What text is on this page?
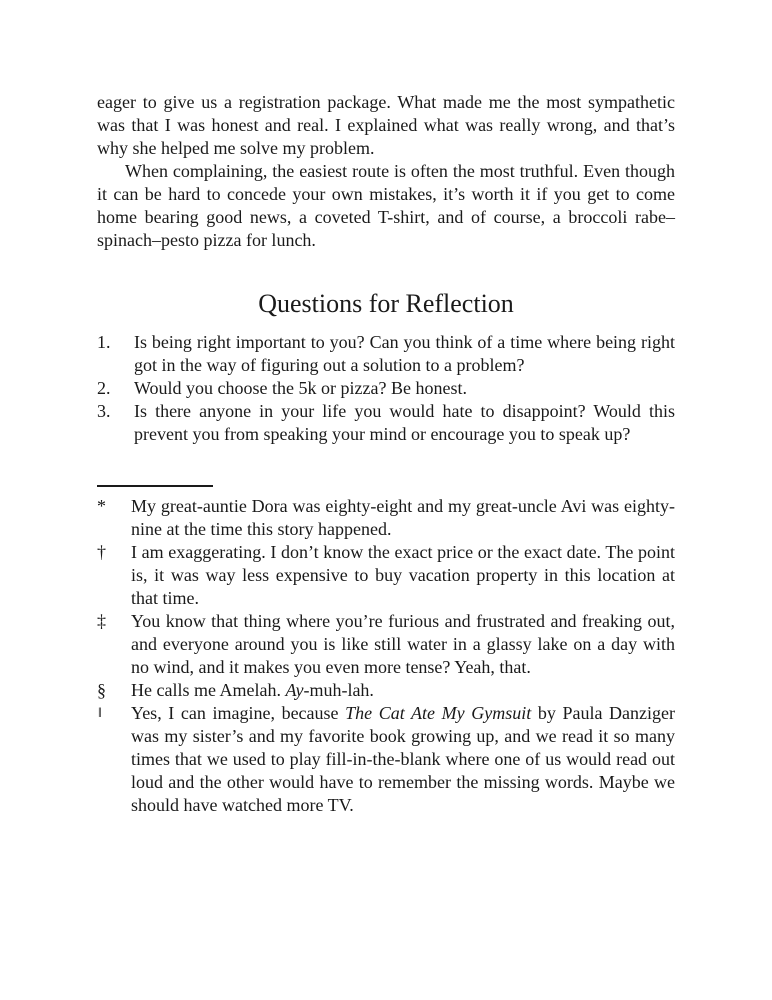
eager to give us a registration package. What made me the most sympathetic was that I was honest and real. I explained what was really wrong, and that’s why she helped me solve my problem.

When complaining, the easiest route is often the most truthful. Even though it can be hard to concede your own mistakes, it’s worth it if you get to come home bearing good news, a coveted T-shirt, and of course, a broccoli rabe–spinach–pesto pizza for lunch.

Questions for Reflection
1. Is being right important to you? Can you think of a time where being right got in the way of figuring out a solution to a problem?
2. Would you choose the 5k or pizza? Be honest.
3. Is there anyone in your life you would hate to disappoint? Would this prevent you from speaking your mind or encourage you to speak up?
* My great-auntie Dora was eighty-eight and my great-uncle Avi was eighty-nine at the time this story happened.
† I am exaggerating. I don’t know the exact price or the exact date. The point is, it was way less expensive to buy vacation property in this location at that time.
‡ You know that thing where you’re furious and frustrated and freaking out, and everyone around you is like still water in a glassy lake on a day with no wind, and it makes you even more tense? Yeah, that.
§ He calls me Amelah. Ay-muh-lah.
‖ Yes, I can imagine, because The Cat Ate My Gymsuit by Paula Danziger was my sister’s and my favorite book growing up, and we read it so many times that we used to play fill-in-the-blank where one of us would read out loud and the other would have to remember the missing words. Maybe we should have watched more TV.
